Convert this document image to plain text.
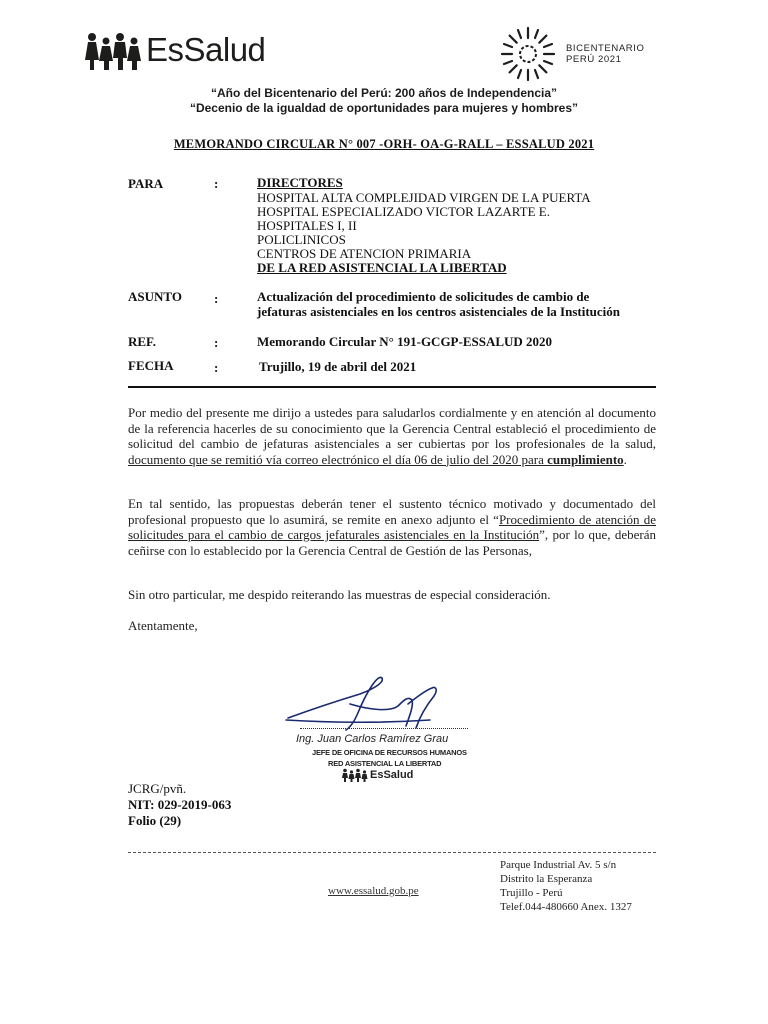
EsSalud	BICENTENARIO
PERÚ 2021
“Año del Bicentenario del Perú: 200 años de Independencia”
“Decenio de la igualdad de oportunidades para mujeres y hombres”
MEMORANDO CIRCULAR N° 007 -ORH- OA-G-RALL – ESSALUD 2021
PARA	:	DIRECTORES
HOSPITAL ALTA COMPLEJIDAD VIRGEN DE LA PUERTA
HOSPITAL ESPECIALIZADO VICTOR LAZARTE E.
HOSPITALES I, II
POLICLINICOS
CENTROS DE ATENCION PRIMARIA
DE LA RED ASISTENCIAL LA LIBERTAD
ASUNTO :	Actualización del procedimiento de solicitudes de cambio de
jefaturas asistenciales en los centros asistenciales de la Institución
REF.	:	Memorando Circular N° 191-GCGP-ESSALUD 2020
FECHA	:	Trujillo, 19 de abril del 2021
Por medio del presente me dirijo a ustedes para saludarlos cordialmente y en atención al documento de la referencia hacerles de su conocimiento que la Gerencia Central estableció el procedimiento de solicitud del cambio de jefaturas asistenciales a ser cubiertas por los profesionales de la salud, documento que se remitió vía correo electrónico el día 06 de julio del 2020 para cumplimiento.
En tal sentido, las propuestas deberán tener el sustento técnico motivado y documentado del profesional propuesto que lo asumirá, se remite en anexo adjunto el “Procedimiento de atención de solicitudes para el cambio de cargos jefaturales asistenciales en la Institución”, por lo que, deberán ceñirse con lo establecido por la Gerencia Central de Gestión de las Personas,
Sin otro particular, me despido reiterando las muestras de especial consideración.
Atentamente,
Ing. Juan Carlos Ramírez Grau
JEFE DE OFICINA DE RECURSOS HUMANOS
RED ASISTENCIAL LA LIBERTAD
EsSalud
JCRG/pvñ.
NIT: 029-2019-063
Folio (29)
www.essalud.gob.pe
Parque Industrial Av. 5 s/n
Distrito la Esperanza
Trujillo - Perú
Telef.044-480660 Anex. 1327
